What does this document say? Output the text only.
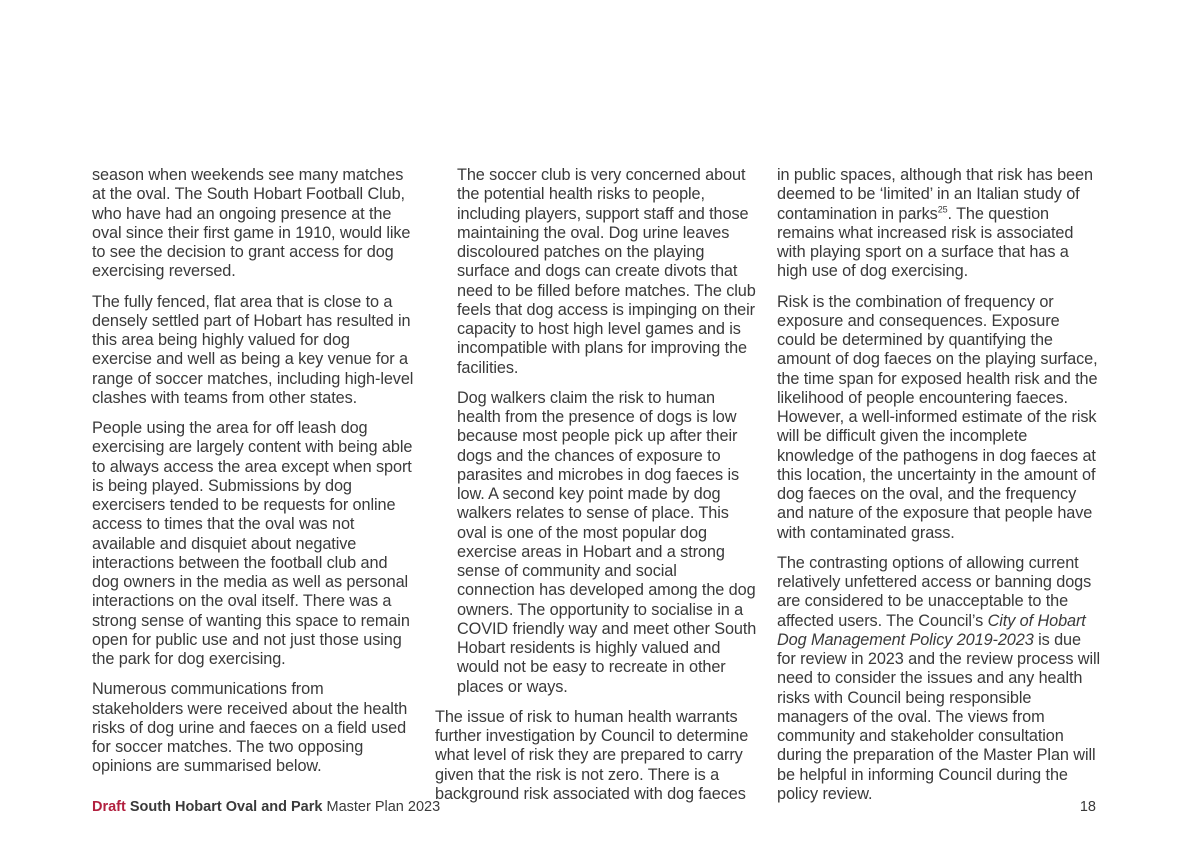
season when weekends see many matches at the oval. The South Hobart Football Club, who have had an ongoing presence at the oval since their first game in 1910, would like to see the decision to grant access for dog exercising reversed.

The fully fenced, flat area that is close to a densely settled part of Hobart has resulted in this area being highly valued for dog exercise and well as being a key venue for a range of soccer matches, including high-level clashes with teams from other states.

People using the area for off leash dog exercising are largely content with being able to always access the area except when sport is being played. Submissions by dog exercisers tended to be requests for online access to times that the oval was not available and disquiet about negative interactions between the football club and dog owners in the media as well as personal interactions on the oval itself. There was a strong sense of wanting this space to remain open for public use and not just those using the park for dog exercising.

Numerous communications from stakeholders were received about the health risks of dog urine and faeces on a field used for soccer matches. The two opposing opinions are summarised below.

The soccer club is very concerned about the potential health risks to people, including players, support staff and those maintaining the oval. Dog urine leaves discoloured patches on the playing surface and dogs can create divots that need to be filled before matches. The club feels that dog access is impinging on their capacity to host high level games and is incompatible with plans for improving the facilities.

Dog walkers claim the risk to human health from the presence of dogs is low because most people pick up after their dogs and the chances of exposure to parasites and microbes in dog faeces is low. A second key point made by dog walkers relates to sense of place. This oval is one of the most popular dog exercise areas in Hobart and a strong sense of community and social connection has developed among the dog owners. The opportunity to socialise in a COVID friendly way and meet other South Hobart residents is highly valued and would not be easy to recreate in other places or ways.

The issue of risk to human health warrants further investigation by Council to determine what level of risk they are prepared to carry given that the risk is not zero. There is a background risk associated with dog faeces

in public spaces, although that risk has been deemed to be ‘limited’ in an Italian study of contamination in parks$^{25}$. The question remains what increased risk is associated with playing sport on a surface that has a high use of dog exercising.

Risk is the combination of frequency or exposure and consequences. Exposure could be determined by quantifying the amount of dog faeces on the playing surface, the time span for exposed health risk and the likelihood of people encountering faeces. However, a well-informed estimate of the risk will be difficult given the incomplete knowledge of the pathogens in dog faeces at this location, the uncertainty in the amount of dog faeces on the oval, and the frequency and nature of the exposure that people have with contaminated grass.

The contrasting options of allowing current relatively unfettered access or banning dogs are considered to be unacceptable to the affected users. The Council’s City of Hobart Dog Management Policy 2019-2023 is due for review in 2023 and the review process will need to consider the issues and any health risks with Council being responsible managers of the oval. The views from community and stakeholder consultation during the preparation of the Master Plan will be helpful in informing Council during the policy review.

Draft South Hobart Oval and Park Master Plan 2023	18
